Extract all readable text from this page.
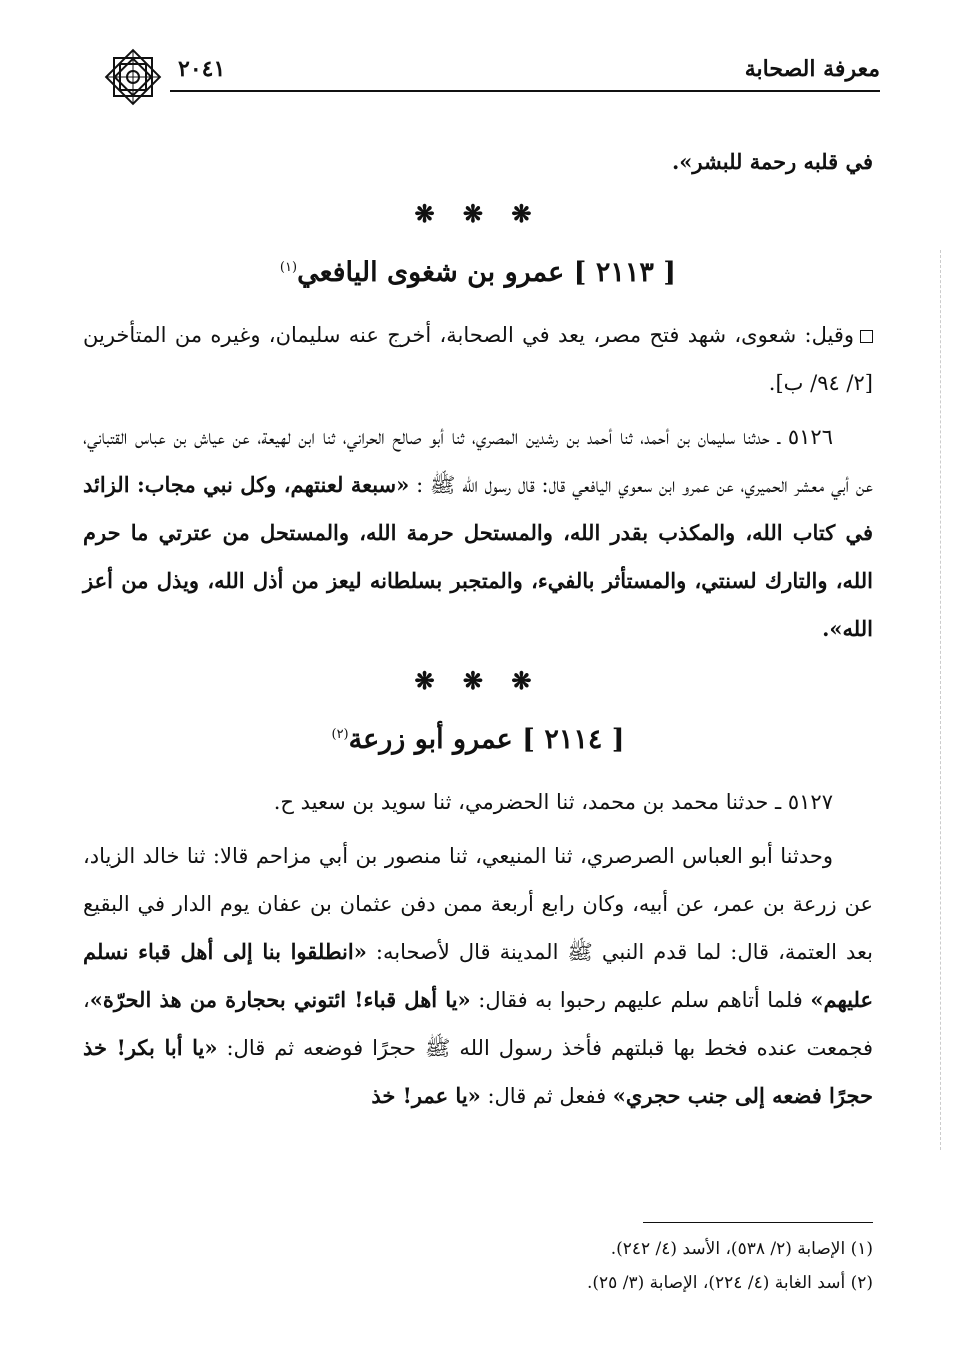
معرفة الصحابة
٢٠٤١

في قلبه رحمة للبشر».

❋ ❋ ❋

[ ٢١١٣ ] عمرو بن شغوى اليافعي$^{(١)}$

وقيل: شعوى، شهد فتح مصر، يعد في الصحابة، أخرج عنه سليمان، وغيره من المتأخرين [٢/ ٩٤/ ب].

٥١٢٦ ـ حدثنا سليمان بن أحمد، ثنا أحمد بن رشدين المصري، ثنا أبو صالح الحراني، ثنا ابن لهيعة، عن عياش بن عباس القتباني، عن أبي معشر الحميري، عن عمرو ابن سعوي اليافعي قال: قال رسول الله ﷺ : «سبعة لعنتهم، وكل نبي مجاب: الزائد في كتاب الله، والمكذب بقدر الله، والمستحل حرمة الله، والمستحل من عترتي ما حرم الله، والتارك لسنتي، والمستأثر بالفيء، والمتجبر بسلطانه ليعز من أذل الله، ويذل من أعز الله».

❋ ❋ ❋

[ ٢١١٤ ] عمرو أبو زرعة$^{(٢)}$

٥١٢٧ ـ حدثنا محمد بن محمد، ثنا الحضرمي، ثنا سويد بن سعيد ح.

وحدثنا أبو العباس الصرصري، ثنا المنيعي، ثنا منصور بن أبي مزاحم قالا: ثنا خالد الزياد، عن زرعة بن عمر، عن أبيه، وكان رابع أربعة ممن دفن عثمان بن عفان يوم الدار في البقيع بعد العتمة، قال: لما قدم النبي ﷺ المدينة قال لأصحابه: «انطلقوا بنا إلى أهل قباء نسلم عليهم» فلما أتاهم سلم عليهم رحبوا به فقال: «يا أهل قباء! ائتوني بحجارة من هذ الحرّة»، فجمعت عنده فخط بها قبلتهم فأخذ رسول الله ﷺ حجرًا فوضعه ثم قال: «يا أبا بكر! خذ حجرًا فضعه إلى جنب حجري» ففعل ثم قال: «يا عمر! خذ

(١) الإصابة (٢/ ٥٣٨)، الأسد (٤/ ٢٤٢).
(٢) أسد الغابة (٤/ ٢٢٤)، الإصابة (٣/ ٢٥).
